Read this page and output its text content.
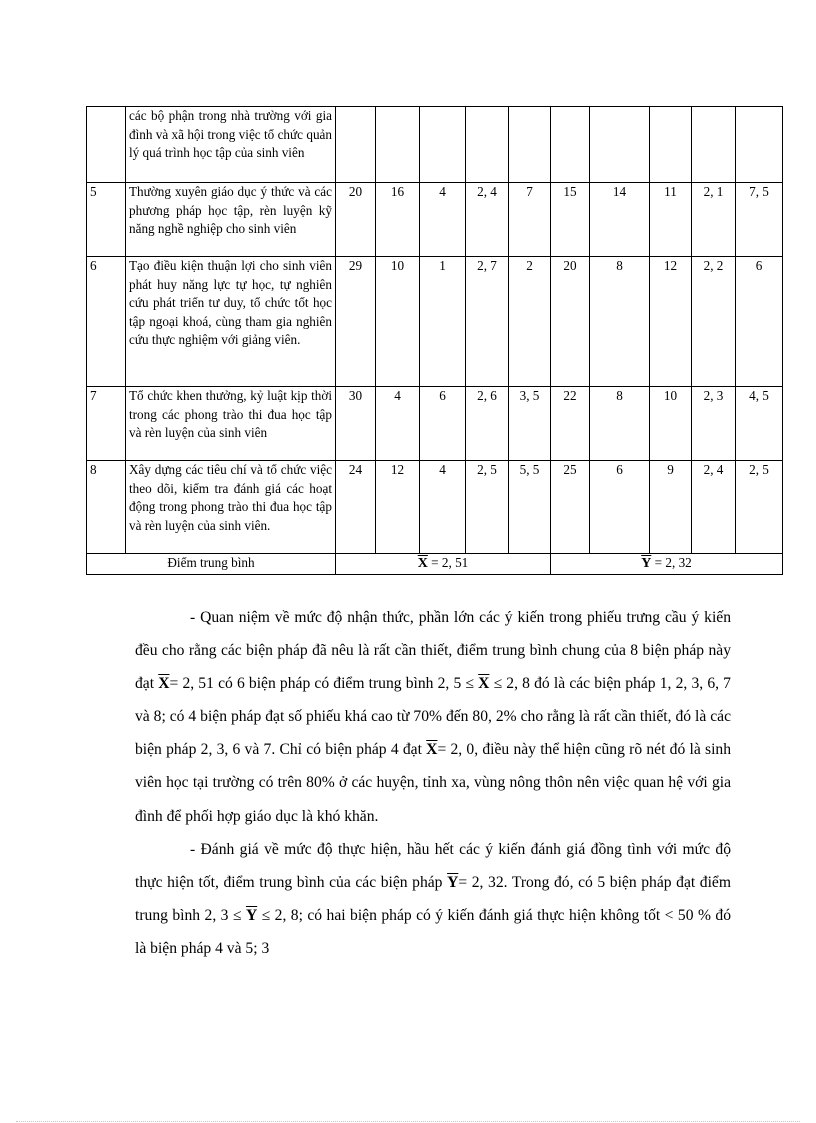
	các bộ phận trong nhà trường với gia đình và xã hội trong việc tổ chức quản lý quá trình học tập của sinh viên										
5	Thường xuyên giáo dục ý thức và các phương pháp học tập, rèn luyện kỹ năng nghề nghiệp cho sinh viên	20	16	4	2, 4	7	15	14	11	2, 1	7, 5
6	Tạo điều kiện thuận lợi cho sinh viên phát huy năng lực tự học, tự nghiên cứu phát triển tư duy, tổ chức tốt học tập ngoại khoá, cùng tham gia nghiên cứu thực nghiệm với giảng viên.	29	10	1	2, 7	2	20	8	12	2, 2	6
7	Tổ chức khen thưởng, kỷ luật kịp thời trong các phong trào thi đua học tập và rèn luyện của sinh viên	30	4	6	2, 6	3, 5	22	8	10	2, 3	4, 5
8	Xây dựng các tiêu chí và tổ chức việc theo dõi, kiểm tra đánh giá các hoạt động trong phong trào thi đua học tập và rèn luyện của sinh viên.	24	12	4	2, 5	5, 5	25	6	9	2, 4	2, 5
Điểm trung bình		$\overline{X} = 2$, 51					$\overline{Y} = 2$, 32				

- Quan niệm về mức độ nhận thức, phần lớn các ý kiến trong phiếu trưng cầu ý kiến đều cho rằng các biện pháp đã nêu là rất cần thiết, điểm trung bình chung của 8 biện pháp này đạt $\overline{X}= 2$, 51 có 6 biện pháp có điểm trung bình 2, $5 \le \overline{X} \le 2$, 8 đó là các biện pháp 1, 2, 3, 6, 7 và 8; có 4 biện pháp đạt số phiếu khá cao từ 70% đến 80, 2% cho rằng là rất cần thiết, đó là các biện pháp 2, 3, 6 và 7. Chỉ có biện pháp 4 đạt $\overline{X}= 2$, 0, điều này thể hiện cũng rõ nét đó là sinh viên học tại trường có trên 80% ở các huyện, tỉnh xa, vùng nông thôn nên việc quan hệ với gia đình để phối hợp giáo dục là khó khăn.

- Đánh giá về mức độ thực hiện, hầu hết các ý kiến đánh giá đồng tình với mức độ thực hiện tốt, điểm trung bình của các biện pháp $\overline{Y}= 2$, 32. Trong đó, có 5 biện pháp đạt điểm trung bình 2, $3 \le \overline{Y} \le 2$, 8; có hai biện pháp có ý kiến đánh giá thực hiện không tốt < 50 % đó là biện pháp 4 và 5; 3
